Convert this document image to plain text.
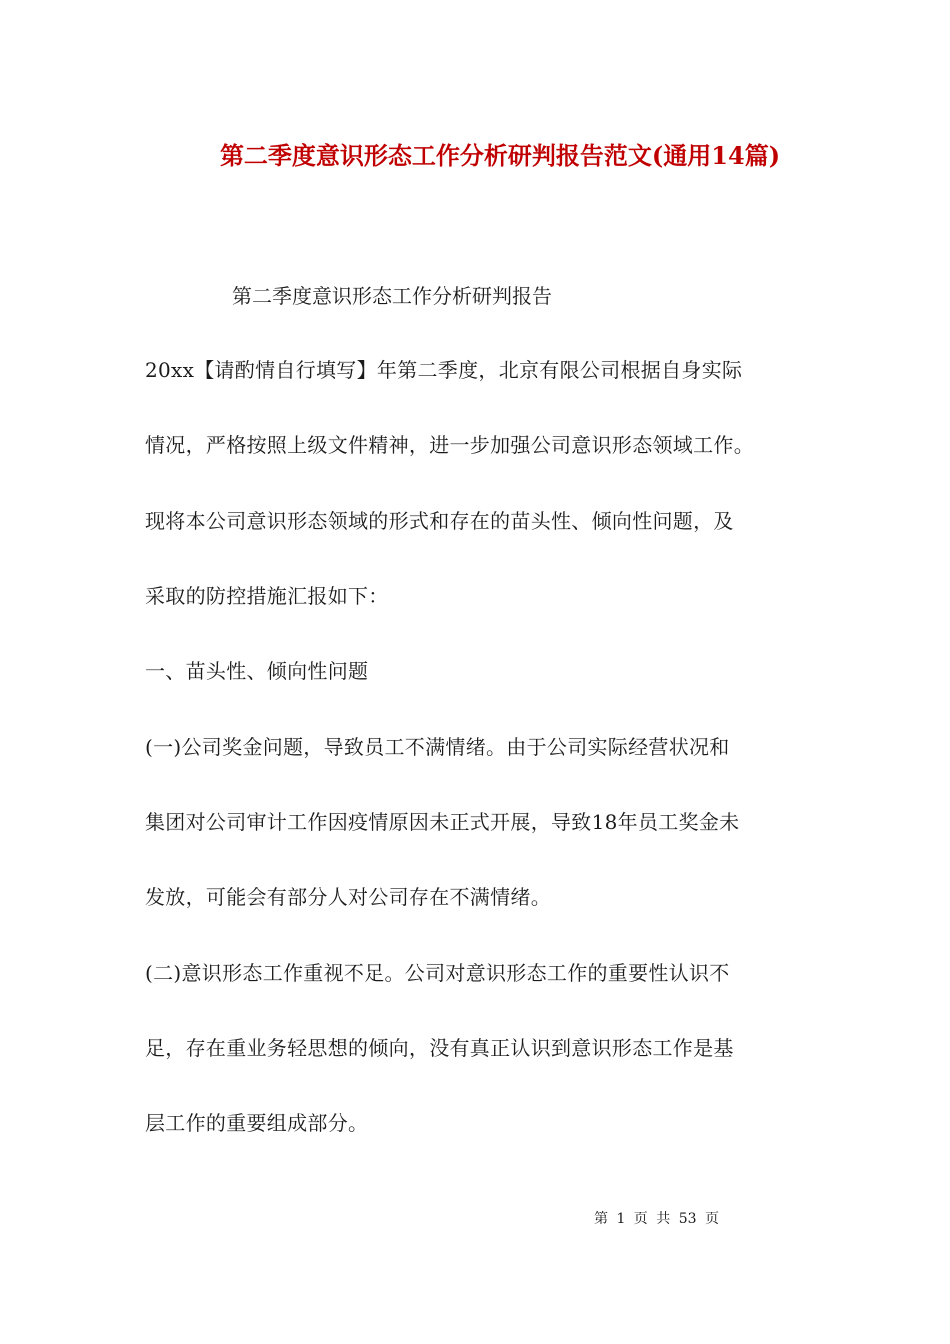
第二季度意识形态工作分析研判报告范文(通用14篇)
第二季度意识形态工作分析研判报告
20xx【请酌情自行填写】年第二季度，北京有限公司根据自身实际
情况，严格按照上级文件精神，进一步加强公司意识形态领域工作。
现将本公司意识形态领域的形式和存在的苗头性、倾向性问题，及
采取的防控措施汇报如下：
一、苗头性、倾向性问题
(一)公司奖金问题，导致员工不满情绪。由于公司实际经营状况和
集团对公司审计工作因疫情原因未正式开展，导致18年员工奖金未
发放，可能会有部分人对公司存在不满情绪。
(二)意识形态工作重视不足。公司对意识形态工作的重要性认识不
足，存在重业务轻思想的倾向，没有真正认识到意识形态工作是基
层工作的重要组成部分。
第 1 页 共 53 页
